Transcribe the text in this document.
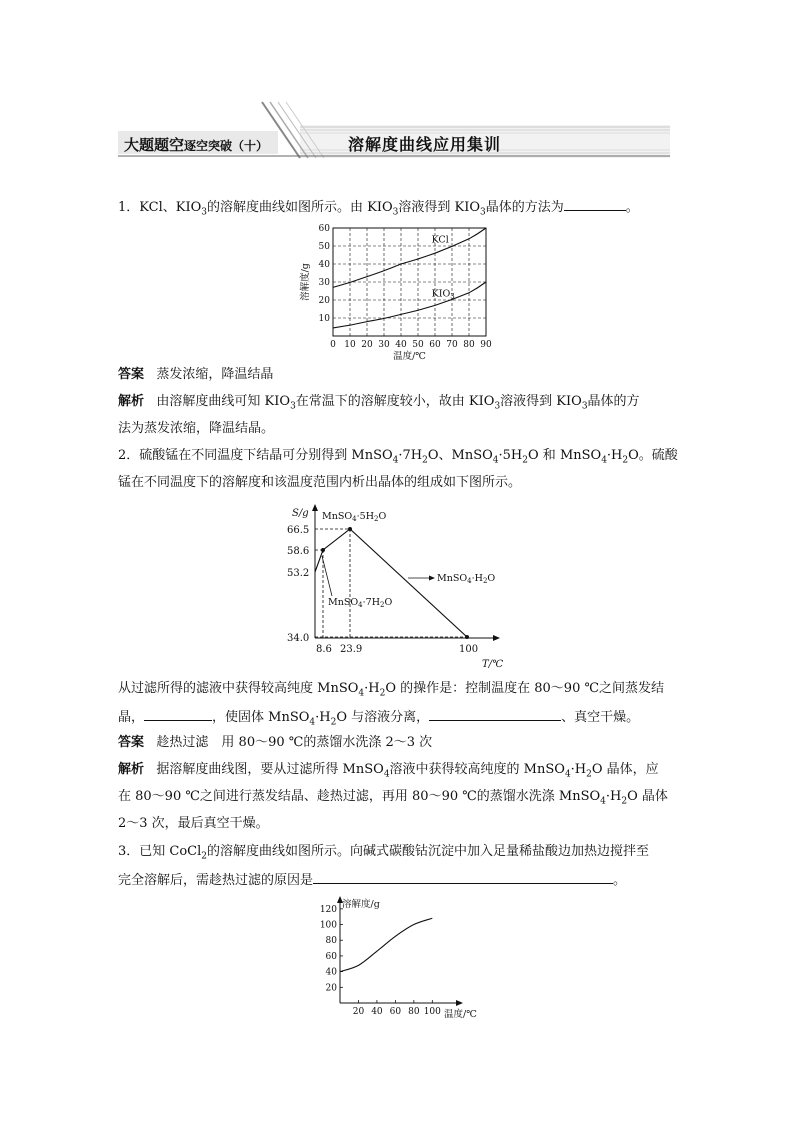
大题题空逐空突破（十）	溶解度曲线应用集训
1．KCl、$KIO_3$的溶解度曲线如图所示。由 $KIO_3$溶液得到 $KIO_3$晶体的方法为	。
10
20
30
40
50
60
0 10 20 30 40 50 60 70 80 90
温度/℃
溶解度/g
KCl
$KIO_3$
答案 蒸发浓缩，降温结晶
解析 由溶解度曲线可知 $KIO_3$在常温下的溶解度较小，故由 $KIO_3$溶液得到 $KIO_3$晶体的方
法为蒸发浓缩，降温结晶。
2．硫酸锰在不同温度下结晶可分别得到 $MnSO_4\cdot 7H_2O$、$MnSO_4\cdot 5H_2O$ 和 $MnSO_4\cdot H_2O$。硫酸
锰在不同温度下的溶解度和该温度范围内析出晶体的组成如下图所示。
S/g
T/℃
66.5
58.6
53.2
34.0
8.6 23.9	100
$MnSO_4\cdot 5H_2O$
$MnSO_4\cdot 7H_2O$
$MnSO_4\cdot H_2O$
从过滤所得的滤液中获得较高纯度 $MnSO_4\cdot H_2O$ 的操作是：控制温度在 80～90 ℃之间蒸发结
晶，	，使固体 $MnSO_4\cdot H_2O$ 与溶液分离，	、真空干燥。
答案 趁热过滤　用 80～90 ℃的蒸馏水洗涤 2～3 次
解析 据溶解度曲线图，要从过滤所得 MnSO$_4$溶液中获得较高纯度的 $MnSO_4\cdot H_2O$ 晶体，应
在 80～90 ℃之间进行蒸发结晶、趁热过滤，再用 80～90 ℃的蒸馏水洗涤 $MnSO_4\cdot H_2O$ 晶体
2～3 次，最后真空干燥。
3．已知 CoCl$_2$的溶解度曲线如图所示。向碱式碳酸钴沉淀中加入足量稀盐酸边加热边搅拌至
完全溶解后，需趁热过滤的原因是	。
20
40
60
80
100
120
20 40 60 80 100
溶解度/g
温度/℃
